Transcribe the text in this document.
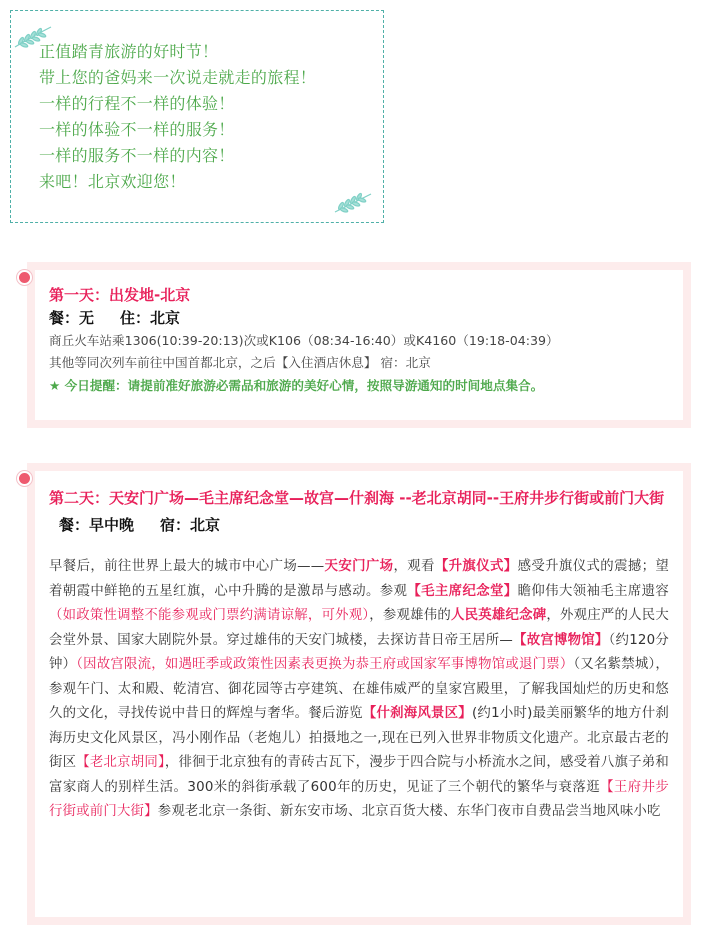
正值踏青旅游的好时节！
带上您的爸妈来一次说走就走的旅程！
一样的行程不一样的体验！
一样的体验不一样的服务！
一样的服务不一样的内容！
来吧！北京欢迎您！
第一天：出发地-北京
餐：无 住：北京
商丘火车站乘1306(10:39-20:13)次或K106（08:34-16:40）或K4160（19:18-04:39）
其他等同次列车前往中国首都北京，之后【入住酒店休息】 宿：北京
★ 今日提醒：请提前准好旅游必需品和旅游的美好心情，按照导游通知的时间地点集合。
第二天：天安门广场—毛主席纪念堂—故宫—什刹海 --老北京胡同--王府井步行街或前门大街
餐：早中晚 宿：北京
早餐后，前往世界上最大的城市中心广场——天安门广场，观看【升旗仪式】感受升旗仪式的震撼；望着朝霞中鲜艳的五星红旗，心中升腾的是激昂与感动。参观【毛主席纪念堂】瞻仰伟大领袖毛主席遗容（如政策性调整不能参观或门票约满请谅解，可外观），参观雄伟的人民英雄纪念碑，外观庄严的人民大会堂外景、国家大剧院外景。穿过雄伟的天安门城楼，去探访昔日帝王居所—【故宫博物馆】（约120分钟）（因故宫限流，如遇旺季或政策性因素表更换为恭王府或国家军事博物馆或退门票）（又名紫禁城），参观午门、太和殿、乾清宫、御花园等古亭建筑、在雄伟威严的皇家宫殿里，了解我国灿烂的历史和悠久的文化，寻找传说中昔日的辉煌与奢华。餐后游览【什刹海风景区】(约1小时)最美丽繁华的地方什刹海历史文化风景区，冯小刚作品（老炮儿）拍摄地之一,现在已列入世界非物质文化遗产。北京最古老的街区【老北京胡同】，徘徊于北京独有的青砖古瓦下，漫步于四合院与小桥流水之间，感受着八旗子弟和富家商人的别样生活。300米的斜街承载了600年的历史，见证了三个朝代的繁华与衰落逛【王府井步行街或前门大街】参观老北京一条街、新东安市场、北京百货大楼、东华门夜市自费品尝当地风味小吃
